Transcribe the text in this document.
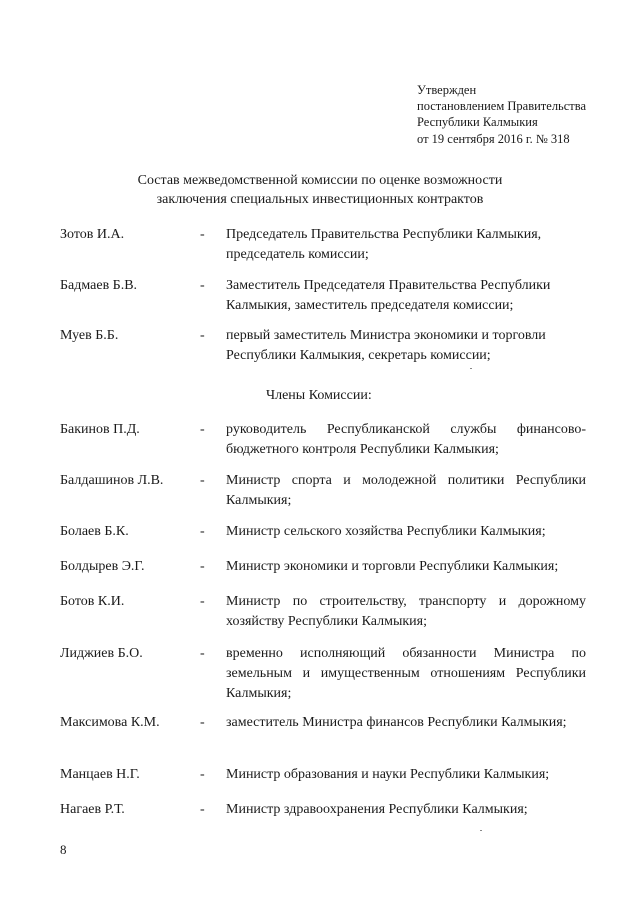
Утвержден
постановлением Правительства
Республики Калмыкия
от 19 сентября 2016 г. № 318
Состав межведомственной комиссии по оценке возможности
заключения специальных инвестиционных контрактов
Зотов И.А.	- Председатель Правительства Республики Калмыкия, председатель комиссии;
Бадмаев Б.В.	- Заместитель Председателя Правительства Республики Калмыкия, заместитель председателя комиссии;
Муев Б.Б.	- первый заместитель Министра экономики и торговли Республики Калмыкия, секретарь комиссии;
Члены Комиссии:
Бакинов П.Д.	- руководитель Республиканской службы финансово-бюджетного контроля Республики Калмыкия;
Балдашинов Л.В.	- Министр спорта и молодежной политики Республики Калмыкия;
Болаев Б.К.	- Министр сельского хозяйства Республики Калмыкия;
Болдырев Э.Г.	- Министр экономики и торговли Республики Калмыкия;
Ботов К.И.	- Министр по строительству, транспорту и дорожному хозяйству Республики Калмыкия;
Лиджиев Б.О.	- временно исполняющий обязанности Министра по земельным и имущественным отношениям Республики Калмыкия;
Максимова К.М.	- заместитель Министра финансов Республики Калмыкия;
Манцаев Н.Г.	- Министр образования и науки Республики Калмыкия;
Нагаев Р.Т.	- Министр здравоохранения Республики Калмыкия;
8
